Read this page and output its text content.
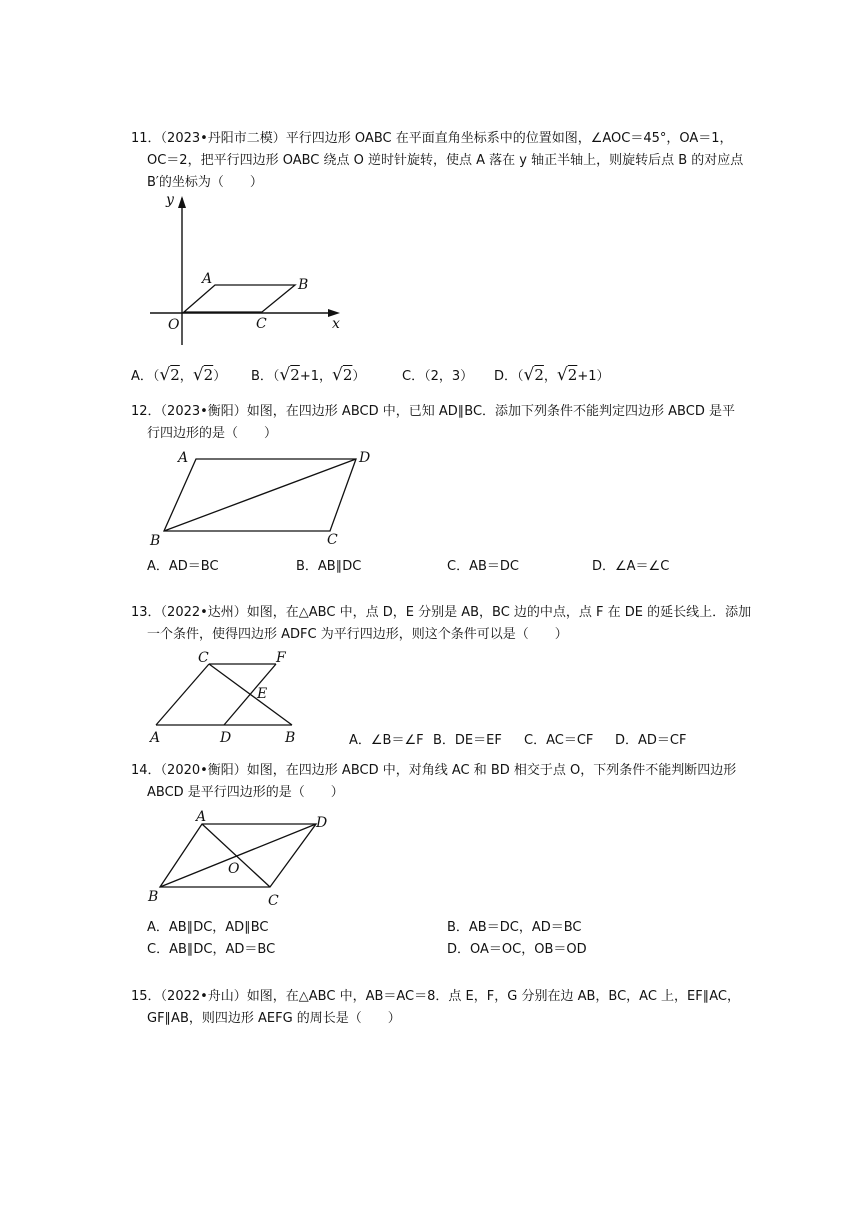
11．（2023•丹阳市二模）平行四边形 OABC 在平面直角坐标系中的位置如图，∠AOC＝45°，OA＝1，
OC＝2，把平行四边形 OABC 绕点 O 逆时针旋转，使点 A 落在 y 轴正半轴上，则旋转后点 B 的对应点
B′的坐标为（　　）
y
x
O
A	B
C
A．（√2，√2） B．（√2+1，√2）	C．（2，3） D．（√2，√2+1）
12．（2023•衡阳）如图，在四边形 ABCD 中，已知 AD∥BC．添加下列条件不能判定四边形 ABCD 是平
行四边形的是（　　）
A	D
B	C
A．AD＝BC	B．AB∥DC	C．AB＝DC	D．∠A＝∠C
13．（2022•达州）如图，在△ABC 中，点 D，E 分别是 AB，BC 边的中点，点 F 在 DE 的延长线上．添加
一个条件，使得四边形 ADFC 为平行四边形，则这个条件可以是（　　）
C	F
E
A	D	B	A．∠B＝∠F B．DE＝EF C．AC＝CF D．AD＝CF
14．（2020•衡阳）如图，在四边形 ABCD 中，对角线 AC 和 BD 相交于点 O，下列条件不能判断四边形
ABCD 是平行四边形的是（　　）
A	D
O
B	C
A．AB∥DC，AD∥BC	B．AB＝DC，AD＝BC
C．AB∥DC，AD＝BC	D．OA＝OC，OB＝OD
15．（2022•舟山）如图，在△ABC 中，AB＝AC＝8．点 E，F，G 分别在边 AB，BC，AC 上，EF∥AC，
GF∥AB，则四边形 AEFG 的周长是（　　）
